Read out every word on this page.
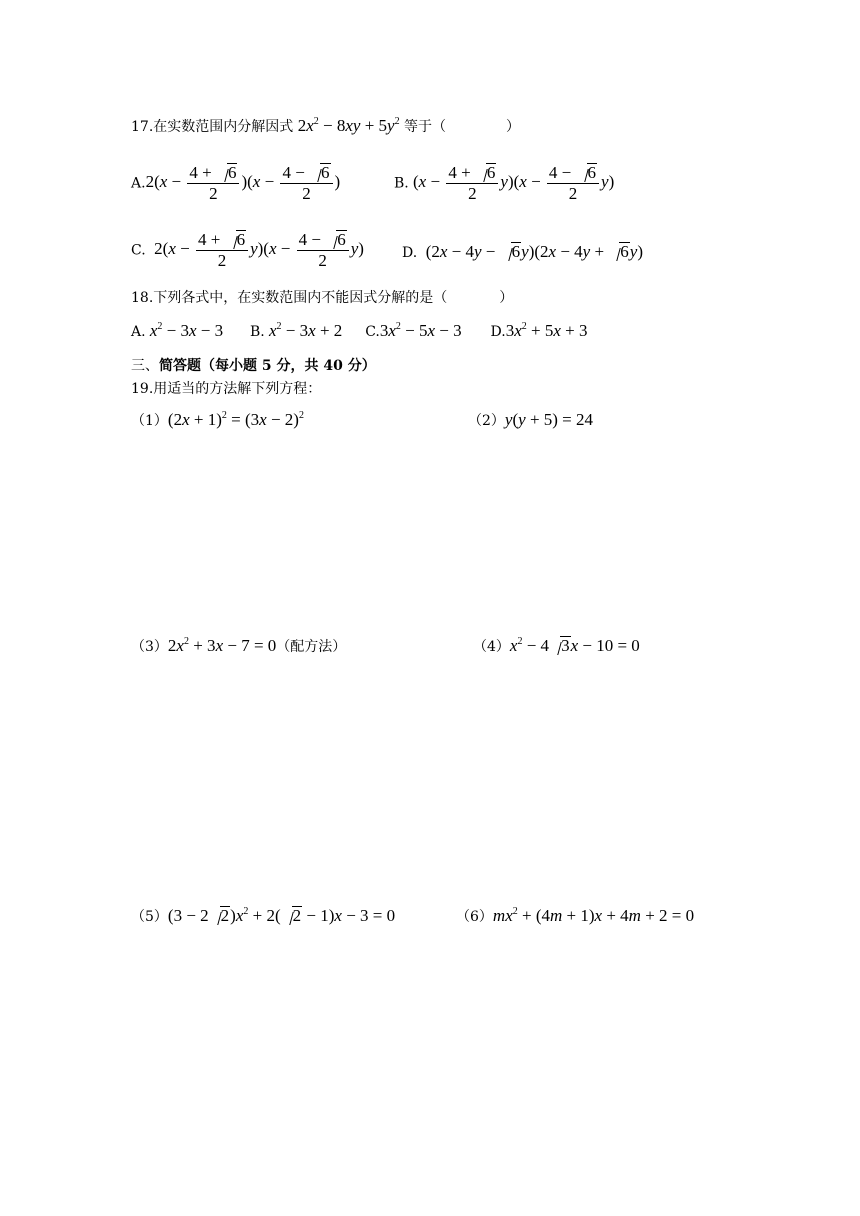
17.在实数范围内分解因式 $2x^2 - 8xy + 5y^2$ 等于（	）
$A.2(x - \frac{4 + 6}{2} )(x - \frac{4 - 6}{2}$ )	B. $(x - \frac{4 + 6}{2} y)(x - \frac{4 - 6}{2} y)$
C.  $2(x - \frac{4 + 6}{2} y)(x - \frac{4 - 6}{2} y)$	D.  (2x − 4y − 6y)(2x − 4y + 6y)
18.下列各式中，在实数范围内不能因式分解的是（	）
A. $x^2 - 3x - 3$ B. $x^2 - 3x + 2$ $C.3x^2 - 5x - 3$ $D.3x^2 + 5x + 3$
三、简答题（每小题 5 分，共 40 分）
19.用适当的方法解下列方程：
$(1)(2x + 1)^2 = (3x - 2)^2$	（2）y(y + 5) = 24
$(3)2x^2 + 3x - 7 = 0$（配方法）	$(4)x^2 - 4$ 3x − 10 = 0
（5）(3 − 2 $2)x^2 + 2$( 2 − 1)x − 3 = 0	$(6)mx^2 + (4m + 1)x + 4m + 2 = 0$
